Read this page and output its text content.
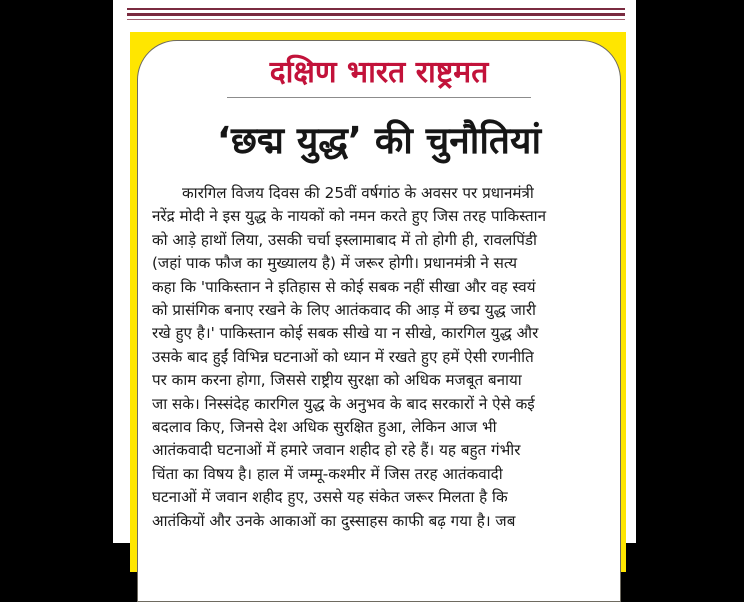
दक्षिण भारत राष्ट्रमत
‘छद्म युद्ध’ की चुनौतियां
कारगिल विजय दिवस की 25वीं वर्षगांठ के अवसर पर प्रधानमंत्री
नरेंद्र मोदी ने इस युद्ध के नायकों को नमन करते हुए जिस तरह पाकिस्तान
को आड़े हाथों लिया, उसकी चर्चा इस्लामाबाद में तो होगी ही, रावलपिंडी
(जहां पाक फौज का मुख्यालय है) में जरूर होगी। प्रधानमंत्री ने सत्य
कहा कि 'पाकिस्तान ने इतिहास से कोई सबक नहीं सीखा और वह स्वयं
को प्रासंगिक बनाए रखने के लिए आतंकवाद की आड़ में छद्म युद्ध जारी
रखे हुए है।' पाकिस्तान कोई सबक सीखे या न सीखे, कारगिल युद्ध और
उसके बाद हुईं विभिन्न घटनाओं को ध्यान में रखते हुए हमें ऐसी रणनीति
पर काम करना होगा, जिससे राष्ट्रीय सुरक्षा को अधिक मजबूत बनाया
जा सके। निस्संदेह कारगिल युद्ध के अनुभव के बाद सरकारों ने ऐसे कई
बदलाव किए, जिनसे देश अधिक सुरक्षित हुआ, लेकिन आज भी
आतंकवादी घटनाओं में हमारे जवान शहीद हो रहे हैं। यह बहुत गंभीर
चिंता का विषय है। हाल में जम्मू-कश्मीर में जिस तरह आतंकवादी
घटनाओं में जवान शहीद हुए, उससे यह संकेत जरूर मिलता है कि
आतंकियों और उनके आकाओं का दुस्साहस काफी बढ़ गया है। जब
